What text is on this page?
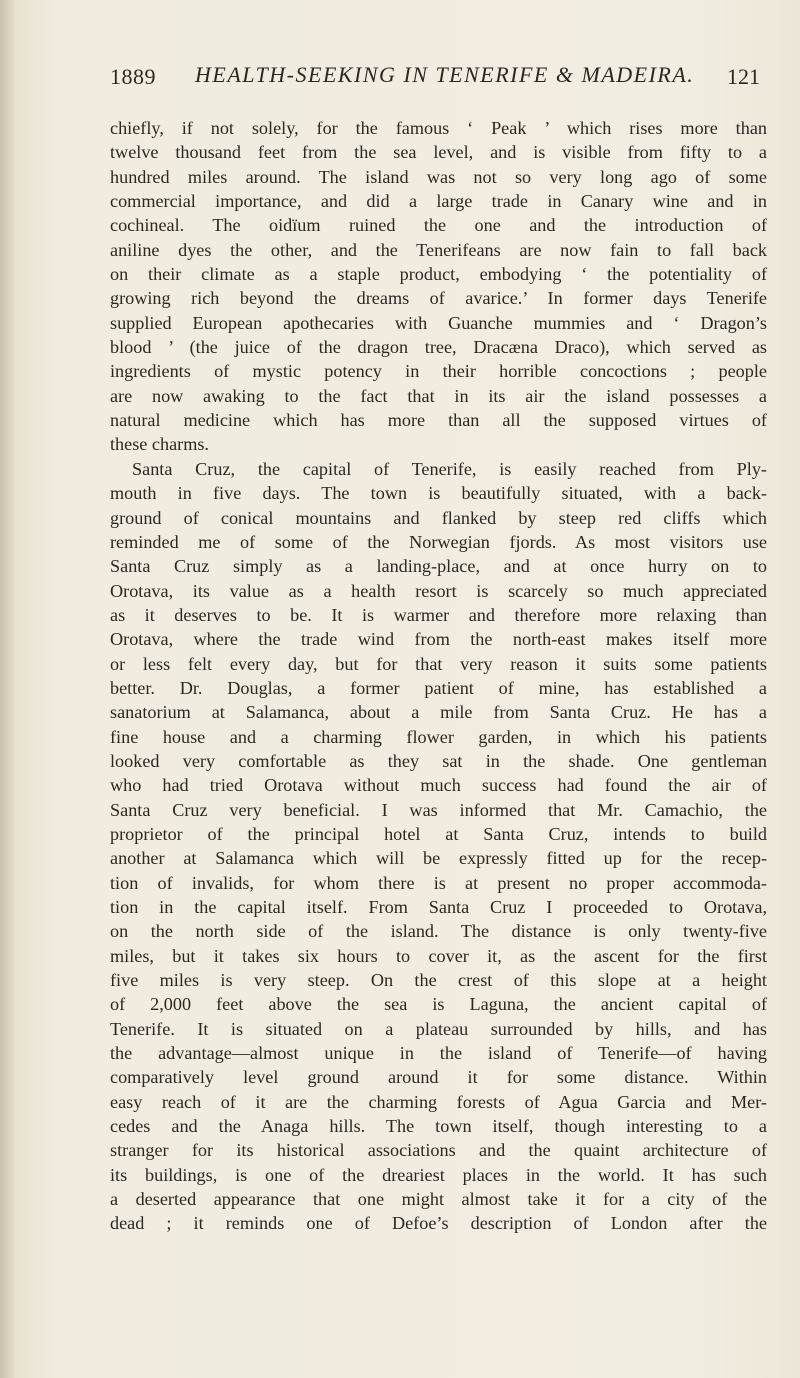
1889 HEALTH-SEEKING IN TENERIFE & MADEIRA. 121
chiefly, if not solely, for the famous ‘ Peak ’ which rises more than
twelve thousand feet from the sea level, and is visible from fifty to a
hundred miles around. The island was not so very long ago of some
commercial importance, and did a large trade in Canary wine and in
cochineal. The oidïum ruined the one and the introduction of
aniline dyes the other, and the Tenerifeans are now fain to fall back
on their climate as a staple product, embodying ‘ the potentiality of
growing rich beyond the dreams of avarice.’ In former days Tenerife
supplied European apothecaries with Guanche mummies and ‘ Dragon’s
blood ’ (the juice of the dragon tree, Dracæna Draco), which served as
ingredients of mystic potency in their horrible concoctions ; people
are now awaking to the fact that in its air the island possesses a
natural medicine which has more than all the supposed virtues of
these charms.
Santa Cruz, the capital of Tenerife, is easily reached from Ply-
mouth in five days. The town is beautifully situated, with a back-
ground of conical mountains and flanked by steep red cliffs which
reminded me of some of the Norwegian fjords. As most visitors use
Santa Cruz simply as a landing-place, and at once hurry on to
Orotava, its value as a health resort is scarcely so much appreciated
as it deserves to be. It is warmer and therefore more relaxing than
Orotava, where the trade wind from the north-east makes itself more
or less felt every day, but for that very reason it suits some patients
better. Dr. Douglas, a former patient of mine, has established a
sanatorium at Salamanca, about a mile from Santa Cruz. He has a
fine house and a charming flower garden, in which his patients
looked very comfortable as they sat in the shade. One gentleman
who had tried Orotava without much success had found the air of
Santa Cruz very beneficial. I was informed that Mr. Camachio, the
proprietor of the principal hotel at Santa Cruz, intends to build
another at Salamanca which will be expressly fitted up for the recep-
tion of invalids, for whom there is at present no proper accommoda-
tion in the capital itself. From Santa Cruz I proceeded to Orotava,
on the north side of the island. The distance is only twenty-five
miles, but it takes six hours to cover it, as the ascent for the first
five miles is very steep. On the crest of this slope at a height
of 2,000 feet above the sea is Laguna, the ancient capital of
Tenerife. It is situated on a plateau surrounded by hills, and has
the advantage—almost unique in the island of Tenerife—of having
comparatively level ground around it for some distance. Within
easy reach of it are the charming forests of Agua Garcia and Mer-
cedes and the Anaga hills. The town itself, though interesting to a
stranger for its historical associations and the quaint architecture of
its buildings, is one of the dreariest places in the world. It has such
a deserted appearance that one might almost take it for a city of the
dead ; it reminds one of Defoe’s description of London after the
